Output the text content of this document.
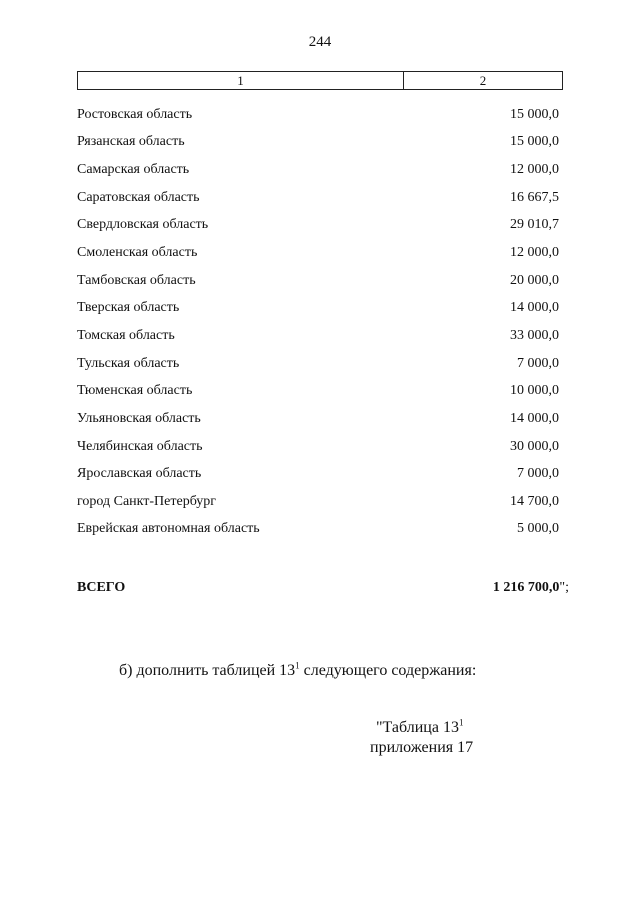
244
1	2
Ростовская область	15 000,0
Рязанская область	15 000,0
Самарская область	12 000,0
Саратовская область	16 667,5
Свердловская область	29 010,7
Смоленская область	12 000,0
Тамбовская область	20 000,0
Тверская область	14 000,0
Томская область	33 000,0
Тульская область	7 000,0
Тюменская область	10 000,0
Ульяновская область	14 000,0
Челябинская область	30 000,0
Ярославская область	7 000,0
город Санкт-Петербург	14 700,0
Еврейская автономная область	5 000,0
ВСЕГО	1 216 700,0";
б) дополнить таблицей $13^1$ следующего содержания:
"Таблица $13^1$
приложения 17
